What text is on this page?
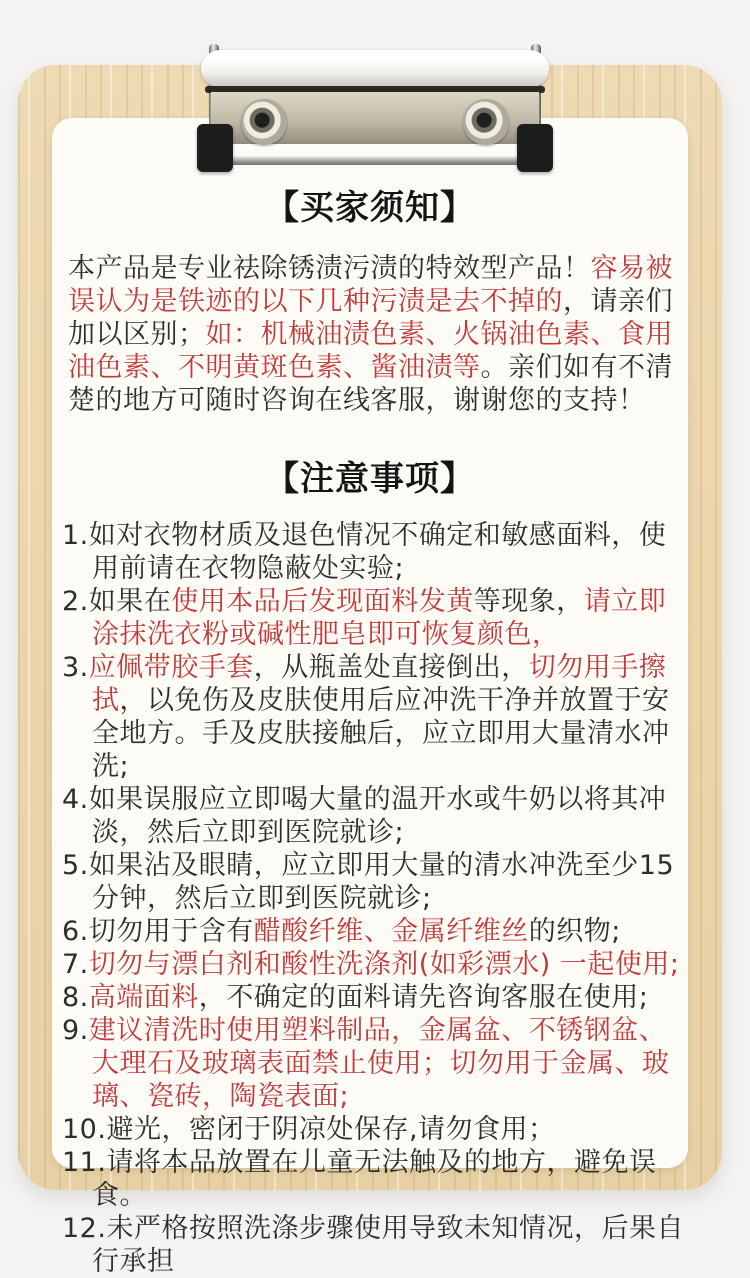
【买家须知】

本产品是专业祛除锈渍污渍的特效型产品！容易被误认为是铁迹的以下几种污渍是去不掉的，请亲们加以区别；如：机械油渍色素、火锅油色素、食用油色素、不明黄斑色素、酱油渍等。亲们如有不清楚的地方可随时咨询在线客服，谢谢您的支持！

【注意事项】
1.如对衣物材质及退色情况不确定和敏感面料，使用前请在衣物隐蔽处实验;
2.如果在使用本品后发现面料发黄等现象，请立即涂抹洗衣粉或碱性肥皂即可恢复颜色，
3.应佩带胶手套，从瓶盖处直接倒出，切勿用手擦拭，以免伤及皮肤使用后应冲洗干净并放置于安全地方。手及皮肤接触后，应立即用大量清水冲洗;
4.如果误服应立即喝大量的温开水或牛奶以将其冲淡，然后立即到医院就诊;
5.如果沾及眼睛，应立即用大量的清水冲洗至少15分钟，然后立即到医院就诊;
6.切勿用于含有醋酸纤维、金属纤维丝的织物;
7.切勿与漂白剂和酸性洗涤剂(如彩漂水) 一起使用;
8.高端面料，不确定的面料请先咨询客服在使用;
9.建议清洗时使用塑料制品，金属盆、不锈钢盆、大理石及玻璃表面禁止使用；切勿用于金属、玻璃、瓷砖，陶瓷表面;
10.避光，密闭于阴凉处保存,请勿食用；
11.请将本品放置在儿童无法触及的地方，避免误食。
12.未严格按照洗涤步骤使用导致未知情况，后果自行承担
